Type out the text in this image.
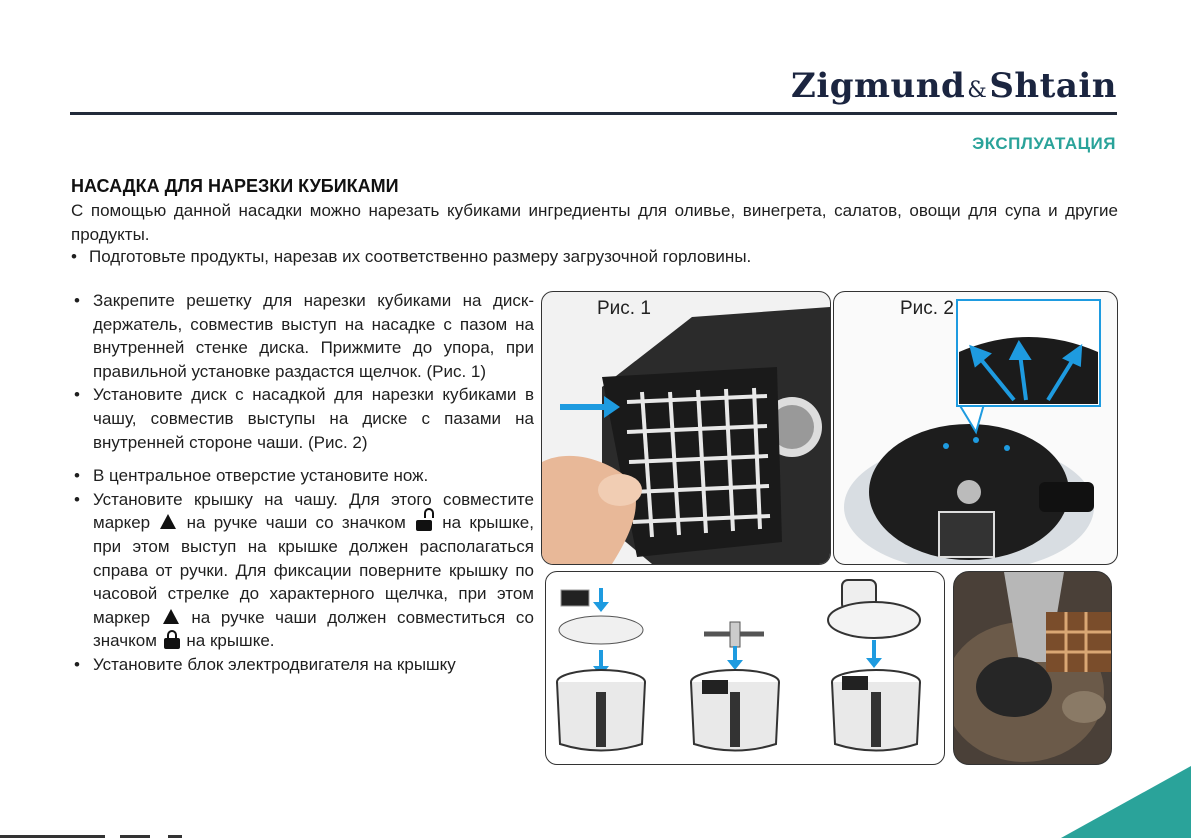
Zigmund&Shtain
ЭКСПЛУАТАЦИЯ
НАСАДКА ДЛЯ НАРЕЗКИ КУБИКАМИ
С помощью данной насадки можно нарезать кубиками ингредиенты для оливье, винегрета, салатов, овощи для супа и другие продукты.
• Подготовьте продукты, нарезав их соответственно размеру загрузочной горловины.

• Закрепите решетку для нарезки кубиками на диск-держатель, совместив выступ на насадке с пазом на внутренней стенке диска. Прижмите до упора, при правильной установке раздастся щелчок. (Рис. 1)

• Установите диск с насадкой для нарезки кубиками в чашу, совместив выступы на диске с пазами на внутренней стороне чаши. (Рис. 2)

• В центральное отверстие установите нож.

• Установите крышку на чашу. Для этого совместите маркер на ручке чаши со значком на крышке, при этом выступ на крышке должен располагаться справа от ручки. Для фиксации поверните крышку по часовой стрелке до характерного щелчка, при этом маркер на ручке чаши должен совместиться со значком на крышке.

• Установите блок электродвигателя на крышку

Рис. 1	Рис. 2
